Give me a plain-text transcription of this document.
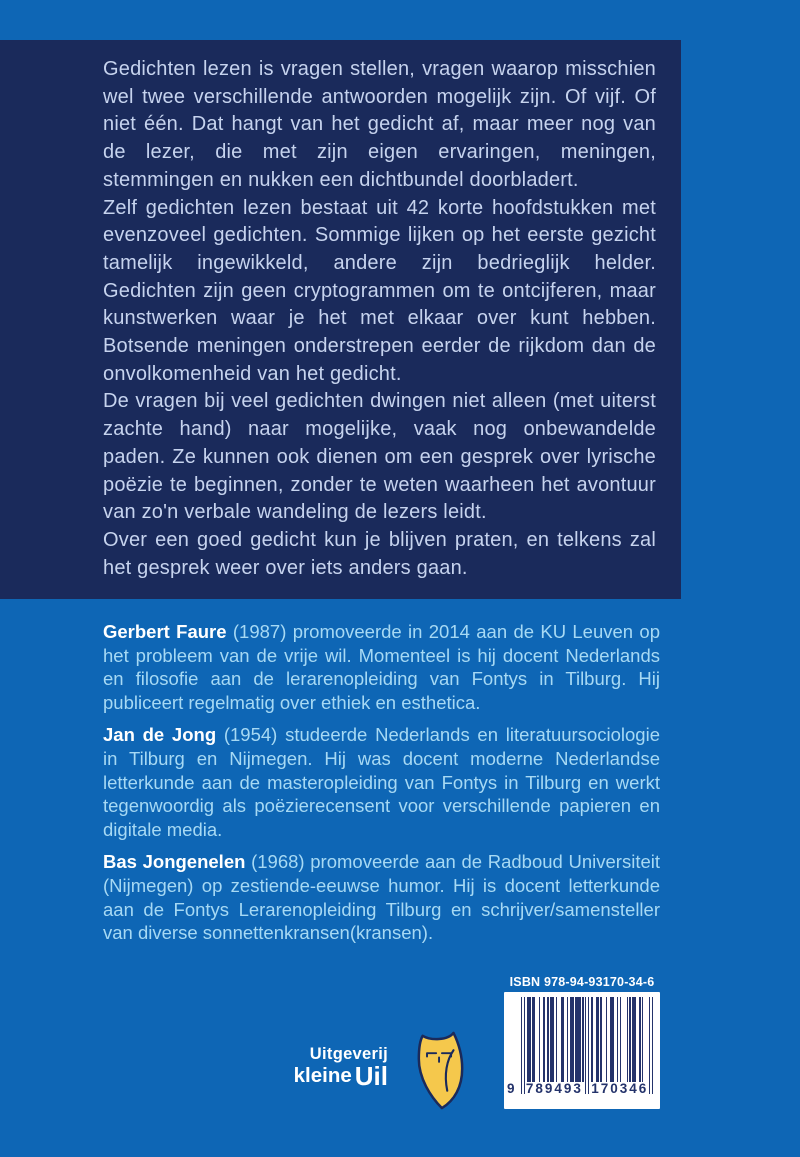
Gedichten lezen is vragen stellen, vragen waarop misschien wel twee verschillende antwoorden mogelijk zijn. Of vijf. Of niet één. Dat hangt van het gedicht af, maar meer nog van de lezer, die met zijn eigen ervaringen, meningen, stemmingen en nukken een dichtbundel doorbladert.

Zelf gedichten lezen bestaat uit 42 korte hoofdstukken met evenzoveel gedichten. Sommige lijken op het eerste gezicht tamelijk ingewikkeld, andere zijn bedrieglijk helder. Gedichten zijn geen cryptogrammen om te ontcijferen, maar kunstwerken waar je het met elkaar over kunt hebben. Botsende meningen onderstrepen eerder de rijkdom dan de onvolkomenheid van het gedicht.

De vragen bij veel gedichten dwingen niet alleen (met uiterst zachte hand) naar mogelijke, vaak nog onbewandelde paden. Ze kunnen ook dienen om een gesprek over lyrische poëzie te beginnen, zonder te weten waarheen het avontuur van zo'n verbale wandeling de lezers leidt.

Over een goed gedicht kun je blijven praten, en telkens zal het gesprek weer over iets anders gaan.

Gerbert Faure (1987) promoveerde in 2014 aan de KU Leuven op het probleem van de vrije wil. Momenteel is hij docent Nederlands en filosofie aan de lerarenopleiding van Fontys in Tilburg. Hij publiceert regelmatig over ethiek en esthetica.

Jan de Jong (1954) studeerde Nederlands en literatuursociologie in Tilburg en Nijmegen. Hij was docent moderne Nederlandse letterkunde aan de masteropleiding van Fontys in Tilburg en werkt tegenwoordig als poëzierecensent voor verschillende papieren en digitale media.

Bas Jongenelen (1968) promoveerde aan de Radboud Universiteit (Nijmegen) op zestiende-eeuwse humor. Hij is docent letterkunde aan de Fontys Lerarenopleiding Tilburg en schrijver/samensteller van diverse sonnettenkransen(kransen).

ISBN 978-94-93170-34-6
9 789493 170346
Uitgeverij
kleine Uil
